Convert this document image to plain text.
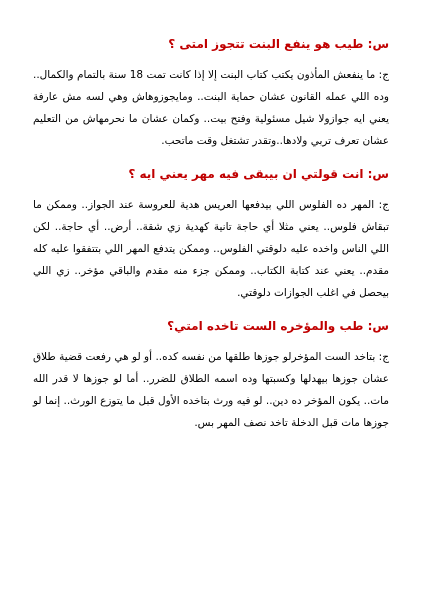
س: طيب هو ينفع البنت تتجوز امتى ؟

ج: ما ينفعش المأذون يكتب كتاب البنت إلا إذا كانت تمت 18 سنة بالتمام والكمال.. وده اللي عمله القانون عشان حماية البنت.. ومايجوزوهاش وهي لسه مش عارفة يعني ايه جوازولا شيل مسئولية وفتح بيت.. وكمان عشان ما نحرمهاش من التعليم عشان تعرف تربي ولادها..وتقدر تشتغل وقت ماتحب.

س: انت قولتي ان بيبقى فيه مهر يعني ايه ؟

ج: المهر ده الفلوس اللي بيدفعها العريس هدية للعروسة عند الجواز.. وممكن ما تبقاش فلوس.. يعني مثلا أي حاجة تانية كهدية زي شقة.. أرض.. أي حاجة.. لكن اللي الناس واخده عليه دلوقتي الفلوس.. وممكن يتدفع المهر اللي بتتفقوا عليه كله مقدم.. يعني عند كتابة الكتاب.. وممكن جزء منه مقدم والباقي مؤخر.. زي اللي بيحصل في اغلب الجوازات دلوقتي.

س: طب والمؤخره الست تاخده امتي؟

ج: بتاخد الست المؤخرلو جوزها طلقها من نفسه كده.. أو لو هي رفعت قضية طلاق عشان جوزها بيهدلها وكسبتها وده اسمه الطلاق للضرر.. أما لو جوزها لا قدر الله مات.. يكون المؤخر ده دين.. لو فيه ورث بتاخده الأول قبل ما يتوزع الورث.. إنما لو جوزها مات قبل الدخلة تاخد نصف المهر بس.
